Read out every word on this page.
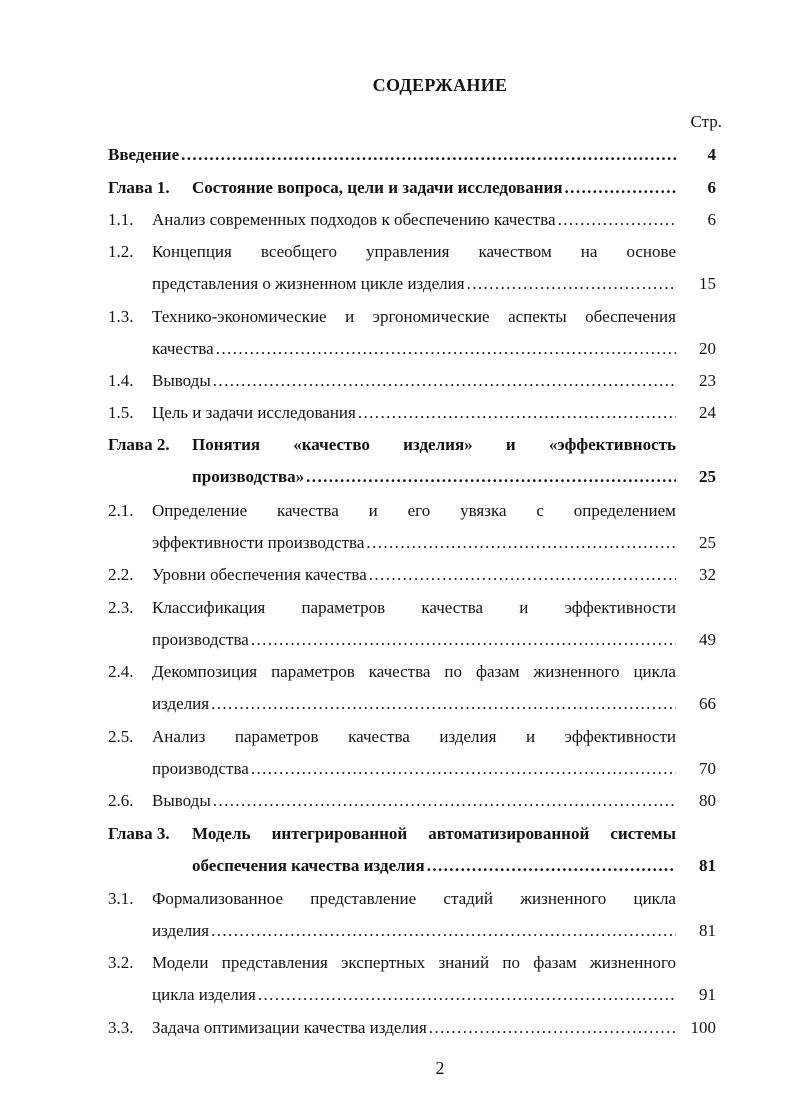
СОДЕРЖАНИЕ
Стр.
Введение .....	4
Глава 1. Состояние вопроса, цели и задачи исследования .....	6
1.1. Анализ современных подходов к обеспечению качества .....	6
1.2. Концепция всеобщего управления качеством на основе
представления о жизненном цикле изделия .....	15
1.3. Технико-экономические и эргономические аспекты обеспечения
качества .....	20
1.4. Выводы .....	23
1.5. Цель и задачи исследования .....	24
Глава 2. Понятия «качество изделия» и «эффективность
производства» .....	25
2.1. Определение качества и его увязка с определением
эффективности производства .....	25
2.2. Уровни обеспечения качества .....	32
2.3. Классификация параметров качества и эффективности
производства .....	49
2.4. Декомпозиция параметров качества по фазам жизненного цикла
изделия .....	66
2.5. Анализ параметров качества изделия и эффективности
производства .....	70
2.6. Выводы .....	80
Глава 3. Модель интегрированной автоматизированной системы
обеспечения качества изделия .....	81
3.1. Формализованное представление стадий жизненного цикла
изделия .....	81
3.2. Модели представления экспертных знаний по фазам жизненного
цикла изделия .....	91
3.3. Задача оптимизации качества изделия .....	100
2
